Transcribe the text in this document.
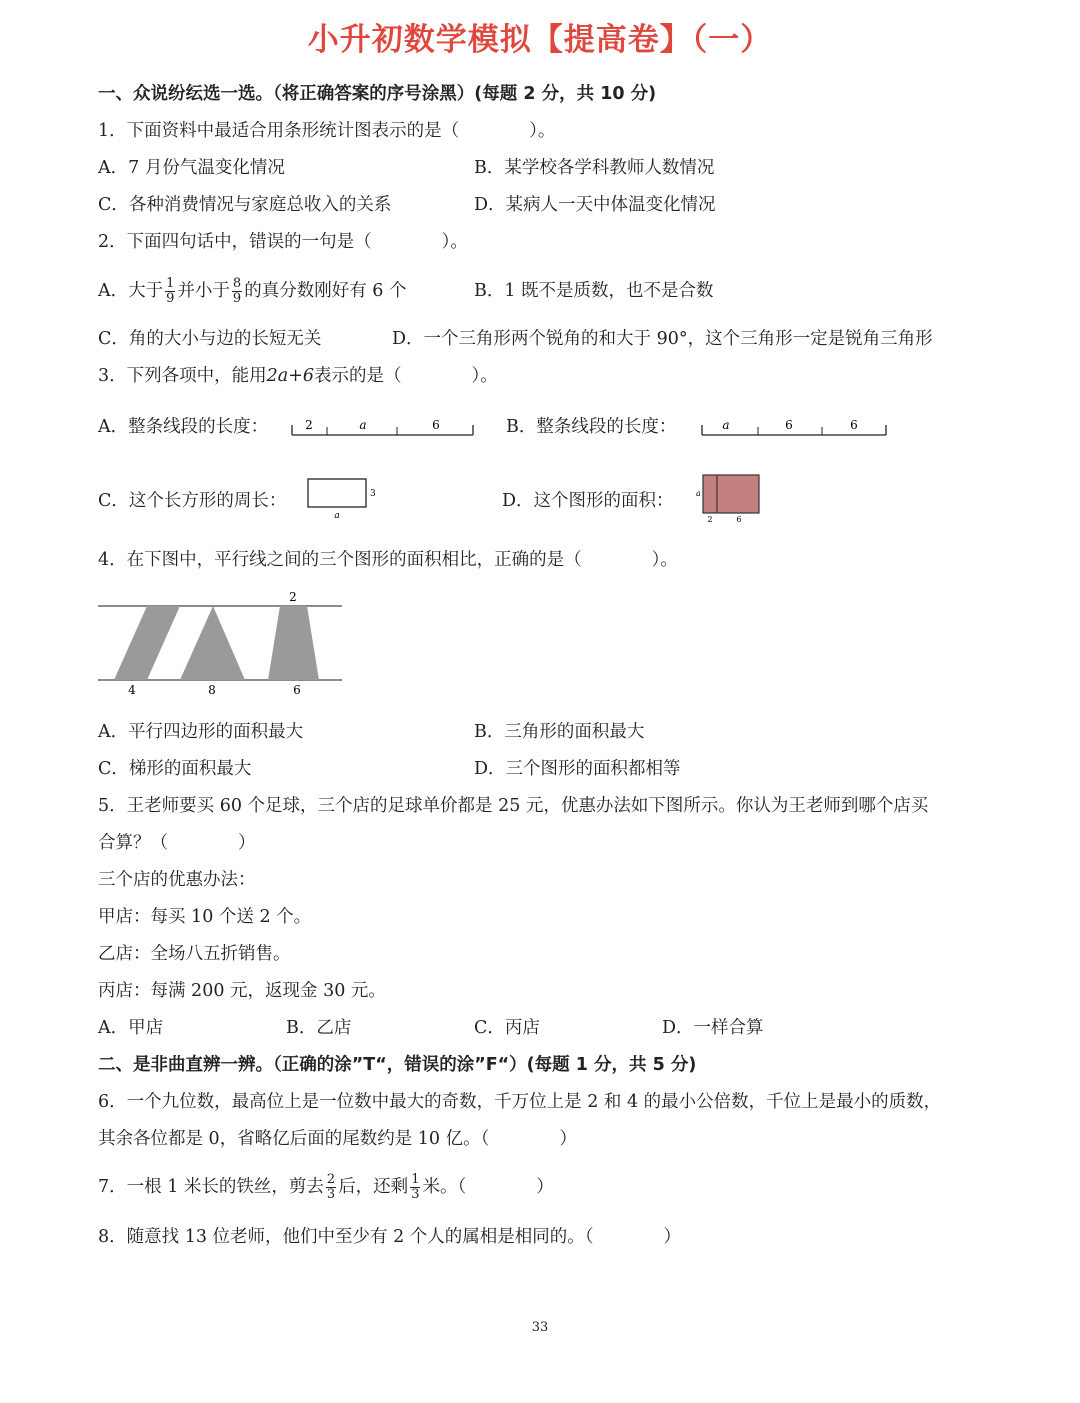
小升初数学模拟【提高卷】（一）
一、众说纷纭选一选。（将正确答案的序号涂黑）(每题 2 分，共 10 分)
1．下面资料中最适合用条形统计图表示的是（　　　　）。
A．7 月份气温变化情况	B．某学校各学科教师人数情况
C．各种消费情况与家庭总收入的关系	D．某病人一天中体温变化情况
2．下面四句话中，错误的一句是（　　　　）。
A．大于 $\frac{1}{9}$ 并小于 $\frac{8}{9}$ 的真分数刚好有 6 个	B．1 既不是质数，也不是合数
C．角的大小与边的长短无关	D．一个三角形两个锐角的和大于 90°，这个三角形一定是锐角三角形
3．下列各项中，能用2a+6表示的是（　　　　）。
A．整条线段的长度：	2	a	6	B．整条线段的长度：	a	6	6
C．这个长方形的周长：	3
a
D．这个图形的面积：	a
2	6
4．在下图中，平行线之间的三个图形的面积相比，正确的是（　　　　）。
2
4	8	6
A．平行四边形的面积最大	B．三角形的面积最大
C．梯形的面积最大	D．三个图形的面积都相等
5．王老师要买 60 个足球，三个店的足球单价都是 25 元，优惠办法如下图所示。你认为王老师到哪个店买
合算？（　　　　）
三个店的优惠办法：
甲店：每买 10 个送 2 个。
乙店：全场八五折销售。
丙店：每满 200 元，返现金 30 元。
A．甲店	B．乙店	C．丙店	D．一样合算
二、是非曲直辨一辨。（正确的涂”T“，错误的涂”F“）(每题 1 分，共 5 分)
6．一个九位数，最高位上是一位数中最大的奇数，千万位上是 2 和 4 的最小公倍数，千位上是最小的质数，
其余各位都是 0，省略亿后面的尾数约是 10 亿。（　　　　）
7．一根 1 米长的铁丝，剪去 $\frac{2}{3}$ 后，还剩 $\frac{1}{3}$ 米。（　　　　）
8．随意找 13 位老师，他们中至少有 2 个人的属相是相同的。（　　　　）
33
